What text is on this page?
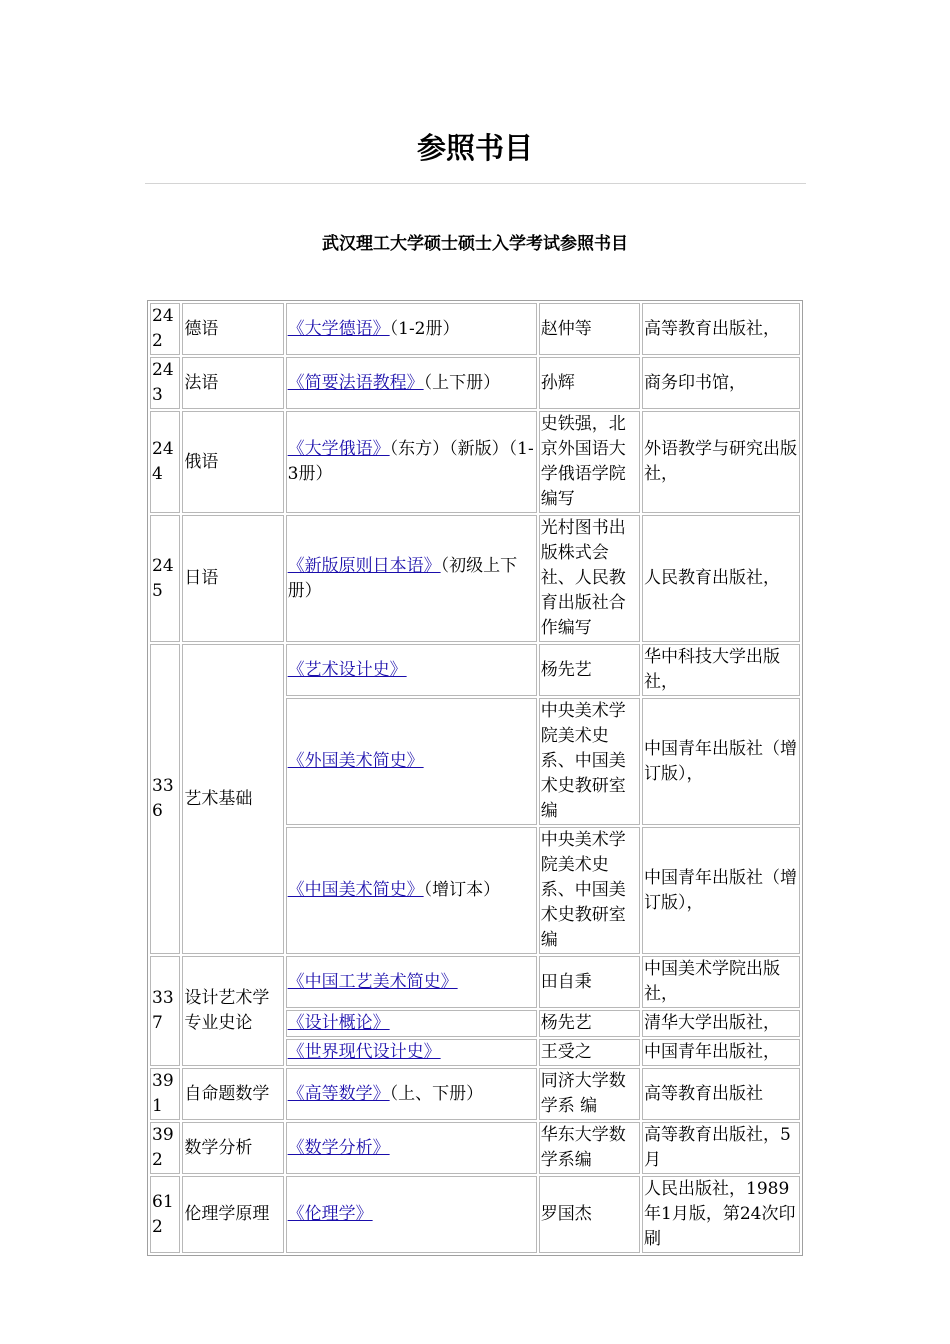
参照书目
武汉理工大学硕士硕士入学考试参照书目
242	德语	《大学德语》（1-2册）	赵仲等	高等教育出版社，
243	法语	《简要法语教程》（上下册）	孙辉	商务印书馆，
244	俄语	《大学俄语》（东方）（新版）（1-3册）	史铁强，北京外国语大学俄语学院编写	外语教学与研究出版社，
245	日语	《新版原则日本语》（初级上下册）	光村图书出版株式会社、人民教育出版社合作编写	人民教育出版社，
336	艺术基础	《艺术设计史》	杨先艺	华中科技大学出版社，
		《外国美术简史》	中央美术学院美术史系、中国美术史教研室编	中国青年出版社（增订版），
		《中国美术简史》（增订本）	中央美术学院美术史系、中国美术史教研室编	中国青年出版社（增订版），
337	设计艺术学专业史论	《中国工艺美术简史》	田自秉	中国美术学院出版社，
		《设计概论》	杨先艺	清华大学出版社，
		《世界现代设计史》	王受之	中国青年出版社，
391	自命题数学	《高等数学》（上、下册）	同济大学数学系 编	高等教育出版社
392	数学分析	《数学分析》	华东大学数学系编	高等教育出版社，5月
612	伦理学原理	《伦理学》	罗国杰	人民出版社，1989年1月版，第24次印刷
